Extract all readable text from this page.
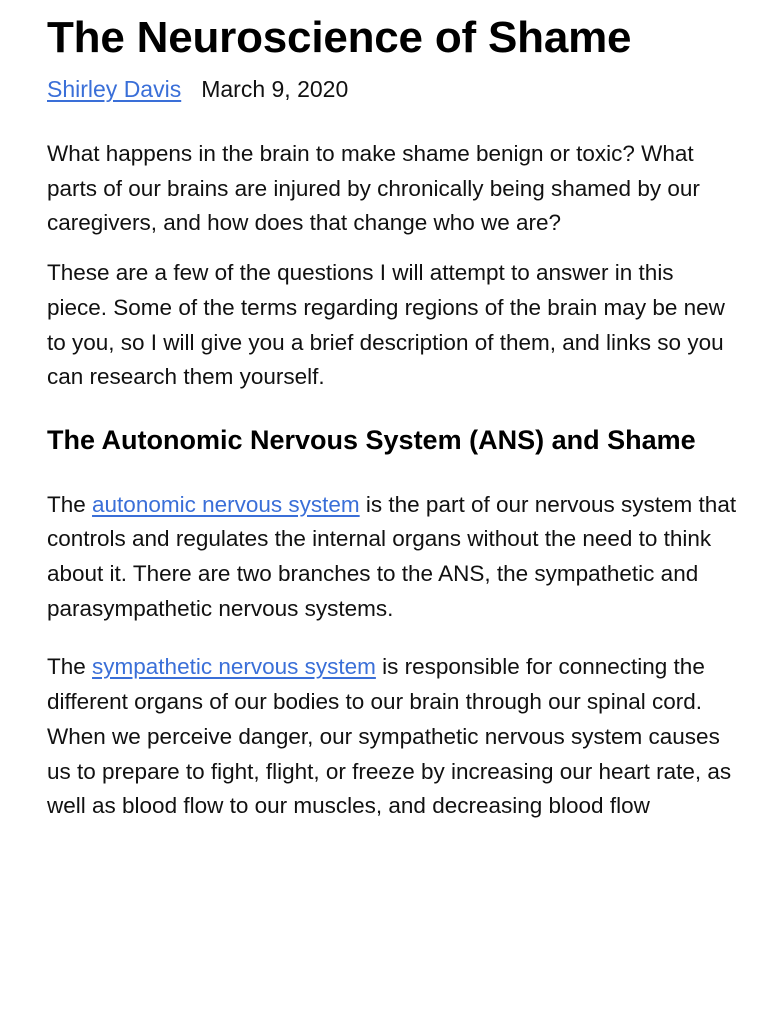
The Neuroscience of Shame
Shirley Davis March 9, 2020

What happens in the brain to make shame benign or toxic? What parts of our brains are injured by chronically being shamed by our caregivers, and how does that change who we are?

These are a few of the questions I will attempt to answer in this piece. Some of the terms regarding regions of the brain may be new to you, so I will give you a brief description of them, and links so you can research them yourself.

The Autonomic Nervous System (ANS) and Shame

The autonomic nervous system is the part of our nervous system that controls and regulates the internal organs without the need to think about it. There are two branches to the ANS, the sympathetic and parasympathetic nervous systems.

The sympathetic nervous system is responsible for connecting the different organs of our bodies to our brain through our spinal cord. When we perceive danger, our sympathetic nervous system causes us to prepare to fight, flight, or freeze by increasing our heart rate, as well as blood flow to our muscles, and decreasing blood flow
